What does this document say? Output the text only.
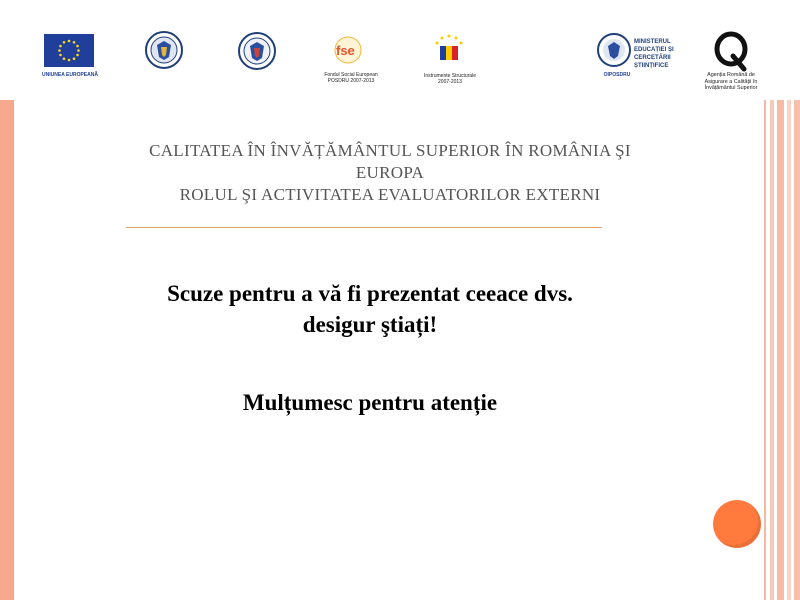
UNIUNEA EUROPEANĂ
fse
Fondul Social European
POSDRU 2007-2013
Instrumente Structurale
2007-2013
MINISTERUL
EDUCAȚIEI ȘI
CERCETĂRII
ȘTIINȚIFICE
OIPOSDRU	Agenția Română de
Asigurare a Calității în
Învățământul Superior
CALITATEA ÎN ÎNVĂȚĂMÂNTUL SUPERIOR ÎN ROMÂNIA ŞI
EUROPA
ROLUL ŞI ACTIVITATEA EVALUATORILOR EXTERNI
Scuze pentru a vă fi prezentat ceeace dvs.
desigur ştiați!
Mulțumesc pentru atenție
